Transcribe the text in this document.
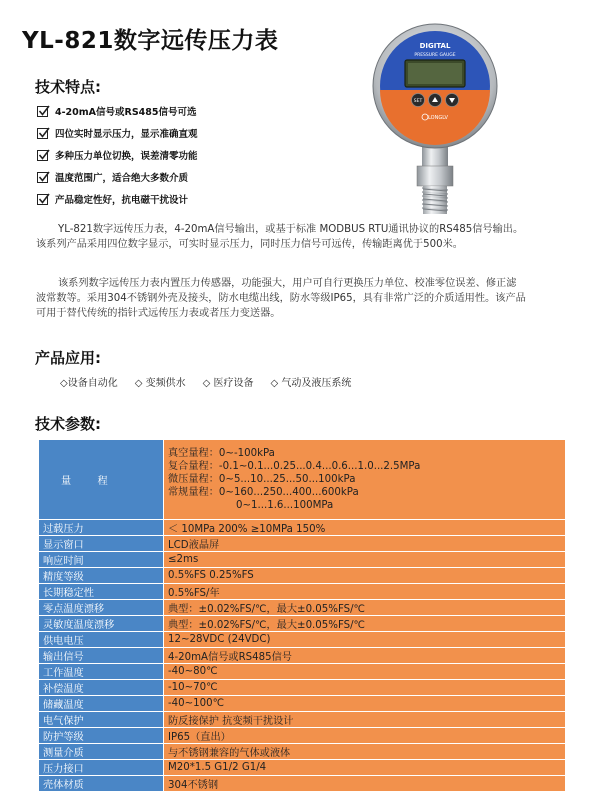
YL-821数字远传压力表	DIGITAL
PRESSURE GAUGE
SET
LONGLV
技术特点:
4-20mA信号或RS485信号可选
四位实时显示压力，显示准确直观
多种压力单位切换，误差清零功能
温度范围广，适合绝大多数介质
产品稳定性好，抗电磁干扰设计

YL-821数字远传压力表，4-20mA信号输出，或基于标准 MODBUS RTU通讯协议的RS485信号输出。该系列产品采用四位数字显示，可实时显示压力，同时压力信号可远传，传输距离优于500米。

该系列数字远传压力表内置压力传感器，功能强大，用户可自行更换压力单位、校准零位误差、修正滤波常数等。采用304不锈钢外壳及接头，防水电缆出线，防水等级IP65，具有非常广泛的介质适用性。该产品可用于替代传统的指针式远传压力表或者压力变送器。

产品应用:
◇设备自动化 ◇ 变频供水 ◇ 医疗设备 ◇ 气动及液压系统
技术参数:
量　　程	真空量程：0~-100kPa
复合量程：-0.1~0.1...0.25...0.4...0.6...1.0...2.5MPa
微压量程：0~5...10...25...50...100kPa
常规量程：0~160...250...400...600kPa
0~1...1.6...100MPa

过载压力	＜ 10MPa 200% ≥10MPa 150%
显示窗口	LCD液晶屏
响应时间	≤2ms
精度等级	0.5%FS 0.25%FS
长期稳定性	0.5%FS/年
零点温度漂移	典型：±0.02%FS/℃，最大±0.05%FS/℃
灵敏度温度漂移	典型：±0.02%FS/℃，最大±0.05%FS/℃
供电电压	12~28VDC (24VDC)
输出信号	4-20mA信号或RS485信号
工作温度	-40~80℃
补偿温度	-10~70℃
储藏温度	-40~100℃
电气保护	防反接保护 抗变频干扰设计
防护等级	IP65（直出）
测量介质	与不锈钢兼容的气体或液体
压力接口	M20*1.5 G1/2 G1/4
壳体材质	304不锈钢
